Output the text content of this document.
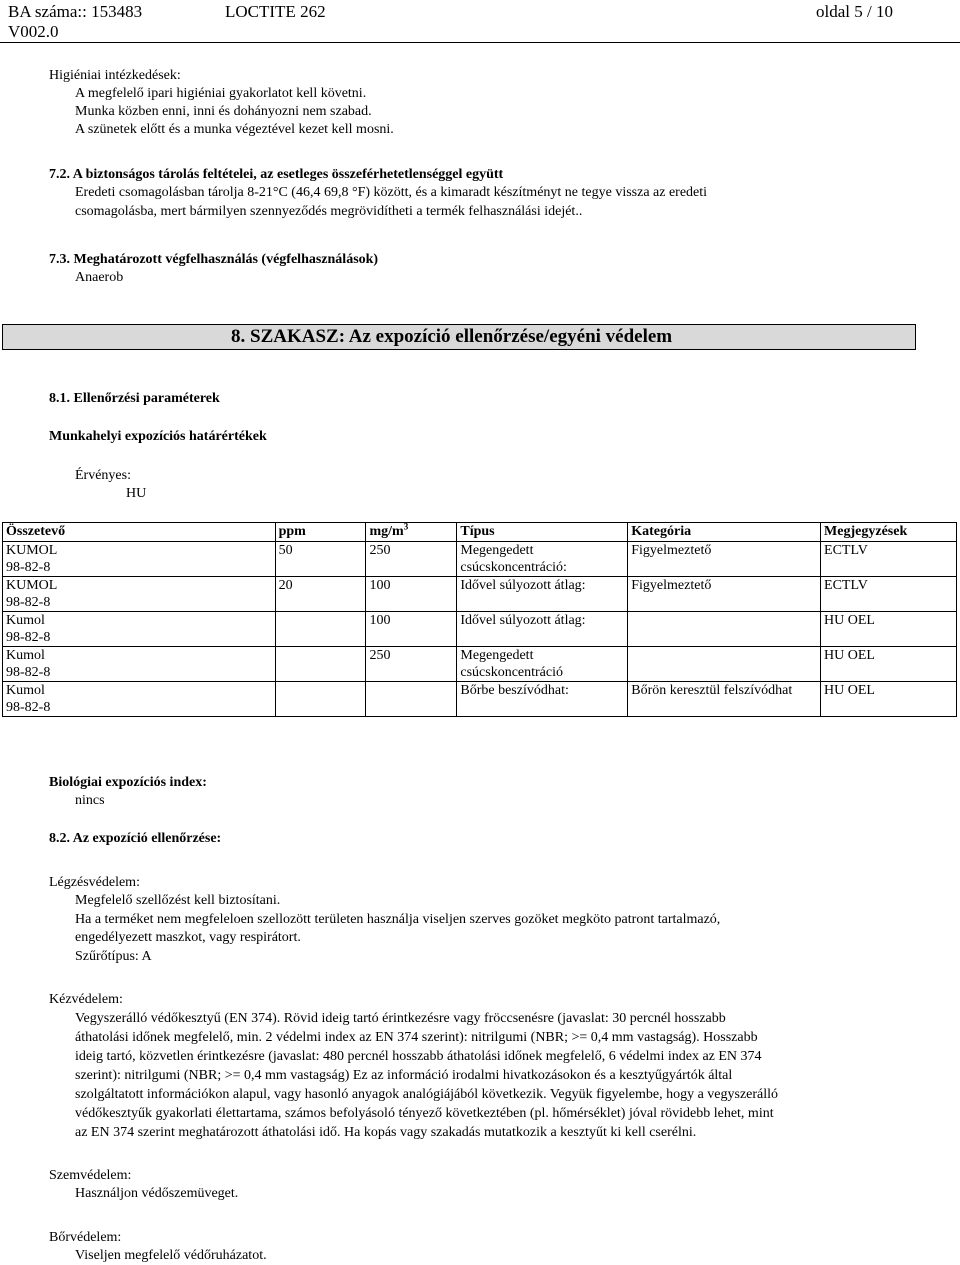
BA száma:: 153483	LOCTITE 262	oldal 5 / 10
V002.0
Higiéniai intézkedések:
A megfelelő ipari higiéniai gyakorlatot kell követni.
Munka közben enni, inni és dohányozni nem szabad.
A szünetek előtt és a munka végeztével kezet kell mosni.
7.2. A biztonságos tárolás feltételei, az esetleges összeférhetetlenséggel együtt
Eredeti csomagolásban tárolja 8-21°C (46,4 69,8 °F) között, és a kimaradt készítményt ne tegye vissza az eredeti
csomagolásba, mert bármilyen szennyeződés megrövidítheti a termék felhasználási idejét..
7.3. Meghatározott végfelhasználás (végfelhasználások)
Anaerob
8. SZAKASZ: Az expozíció ellenőrzése/egyéni védelem
8.1. Ellenőrzési paraméterek
Munkahelyi expozíciós határértékek
Érvényes:
HU
Összetevő	ppm	$mg/m^3$	Típus	Kategória	Megjegyzések

KUMOL
98-82-8	50	250	Megengedett csúcskoncentráció:	Figyelmeztető	ECTLV

KUMOL
98-82-8	20	100	Idővel súlyozott átlag:	Figyelmeztető	ECTLV

Kumol
98-82-8		100	Idővel súlyozott átlag:		HU OEL

Kumol
98-82-8		250	Megengedett csúcskoncentráció		HU OEL

Kumol
98-82-8			Bőrbe beszívódhat:	Bőrön keresztül felszívódhat	HU OEL
Biológiai expozíciós index:
nincs
8.2. Az expozíció ellenőrzése:
Légzésvédelem:
Megfelelő szellőzést kell biztosítani.
Ha a terméket nem megfeleloen szellozött területen használja viseljen szerves gozöket megköto patront tartalmazó,
engedélyezett maszkot, vagy respirátort.
Szűrőtípus: A
Kézvédelem:
Vegyszerálló védőkesztyű (EN 374). Rövid ideig tartó érintkezésre vagy fröccsenésre (javaslat: 30 percnél hosszabb
áthatolási időnek megfelelő, min. 2 védelmi index az EN 374 szerint): nitrilgumi (NBR; >= 0,4 mm vastagság). Hosszabb
ideig tartó, közvetlen érintkezésre (javaslat: 480 percnél hosszabb áthatolási időnek megfelelő, 6 védelmi index az EN 374
szerint): nitrilgumi (NBR; >= 0,4 mm vastagság) Ez az információ irodalmi hivatkozásokon és a kesztyűgyártók által
szolgáltatott információkon alapul, vagy hasonló anyagok analógiájából következik. Vegyük figyelembe, hogy a vegyszerálló
védőkesztyűk gyakorlati élettartama, számos befolyásoló tényező következtében (pl. hőmérséklet) jóval rövidebb lehet, mint
az EN 374 szerint meghatározott áthatolási idő. Ha kopás vagy szakadás mutatkozik a kesztyűt ki kell cserélni.
Szemvédelem:
Használjon védőszemüveget.
Bőrvédelem:
Viseljen megfelelő védőruházatot.
